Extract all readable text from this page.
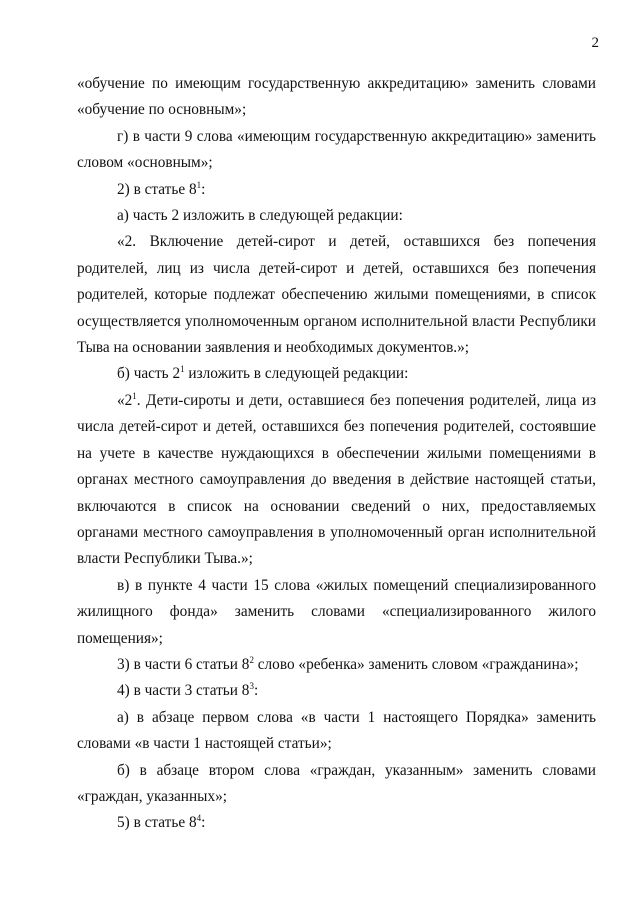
2

«обучение по имеющим государственную аккредитацию» заменить словами «обучение по основным»;

г) в части 9 слова «имеющим государственную аккредитацию» заменить словом «основным»;

2) в статье $8^1$:

а) часть 2 изложить в следующей редакции:

«2. Включение детей-сирот и детей, оставшихся без попечения родителей, лиц из числа детей-сирот и детей, оставшихся без попечения родителей, которые подлежат обеспечению жилыми помещениями, в список осуществляется уполномоченным органом исполнительной власти Республики Тыва на основании заявления и необходимых документов.»;

б) часть $2^1$ изложить в следующей редакции:

«$2^1$. Дети-сироты и дети, оставшиеся без попечения родителей, лица из числа детей-сирот и детей, оставшихся без попечения родителей, состоявшие на учете в качестве нуждающихся в обеспечении жилыми помещениями в органах местного самоуправления до введения в действие настоящей статьи, включаются в список на основании сведений о них, предоставляемых органами местного самоуправления в уполномоченный орган исполнительной власти Республики Тыва.»;

в) в пункте 4 части 15 слова «жилых помещений специализированного жилищного фонда» заменить словами «специализированного жилого помещения»;

3) в части 6 статьи $8^2$ слово «ребенка» заменить словом «гражданина»;

4) в части 3 статьи $8^3$:

а) в абзаце первом слова «в части 1 настоящего Порядка» заменить словами «в части 1 настоящей статьи»;

б) в абзаце втором слова «граждан, указанным» заменить словами «граждан, указанных»;

5) в статье $8^4$:
